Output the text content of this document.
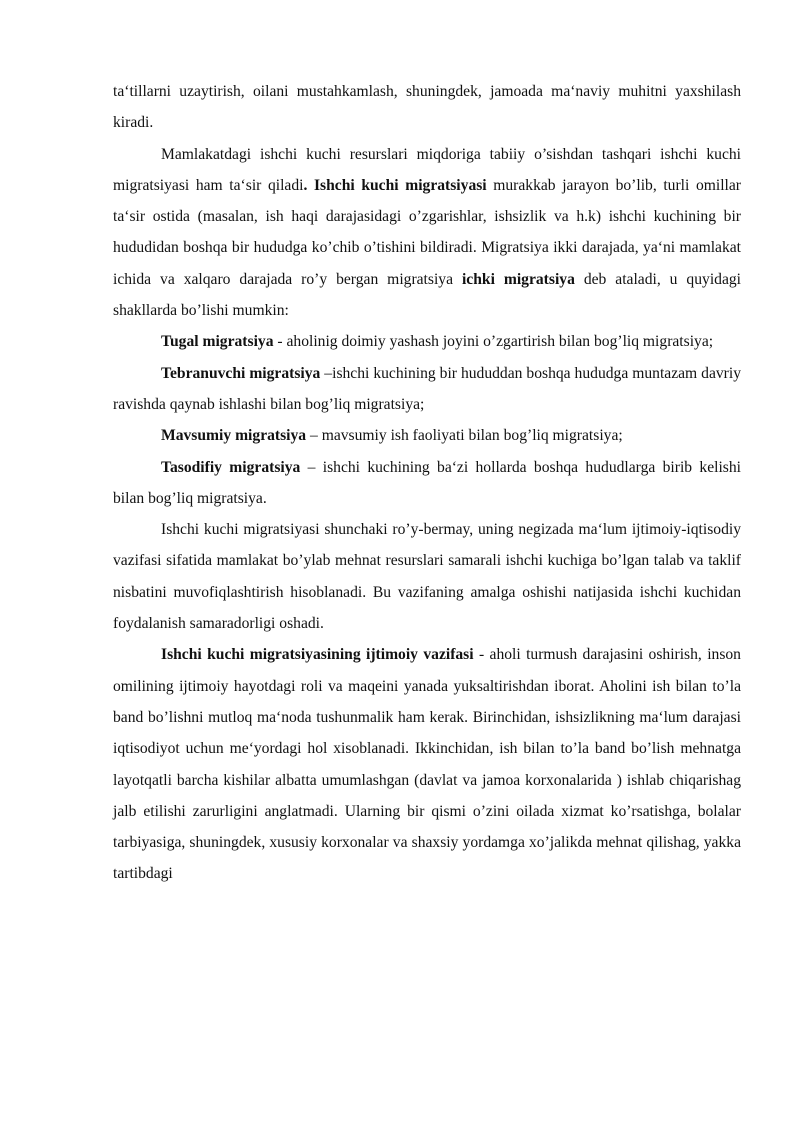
ta‘tillarni uzaytirish, oilani mustahkamlash, shuningdek, jamoada ma‘naviy muhitni yaxshilash kiradi.

Mamlakatdagi ishchi kuchi resurslari miqdoriga tabiiy o’sishdan tashqari ishchi kuchi migratsiyasi ham ta‘sir qiladi. Ishchi kuchi migratsiyasi murakkab jarayon bo’lib, turli omillar ta‘sir ostida (masalan, ish haqi darajasidagi o’zgarishlar, ishsizlik va h.k) ishchi kuchining bir hududidan boshqa bir hududga ko’chib o’tishini bildiradi. Migratsiya ikki darajada, ya‘ni mamlakat ichida va xalqaro darajada ro’y bergan migratsiya ichki migratsiya deb ataladi, u quyidagi shakllarda bo’lishi mumkin:

Tugal migratsiya - aholinig doimiy yashash joyini o’zgartirish bilan bog’liq migratsiya;

Tebranuvchi migratsiya –ishchi kuchining bir hududdan boshqa hududga muntazam davriy ravishda qaynab ishlashi bilan bog’liq migratsiya;

Mavsumiy migratsiya – mavsumiy ish faoliyati bilan bog’liq migratsiya;

Tasodifiy migratsiya – ishchi kuchining ba‘zi hollarda boshqa hududlarga birib kelishi bilan bog’liq migratsiya.

Ishchi kuchi migratsiyasi shunchaki ro’y-bermay, uning negizada ma‘lum ijtimoiy-iqtisodiy vazifasi sifatida mamlakat bo’ylab mehnat resurslari samarali ishchi kuchiga bo’lgan talab va taklif nisbatini muvofiqlashtirish hisoblanadi. Bu vazifaning amalga oshishi natijasida ishchi kuchidan foydalanish samaradorligi oshadi.

Ishchi kuchi migratsiyasining ijtimoiy vazifasi - aholi turmush darajasini oshirish, inson omilining ijtimoiy hayotdagi roli va maqeini yanada yuksaltirishdan iborat. Aholini ish bilan to’la band bo’lishni mutloq ma‘noda tushunmalik ham kerak. Birinchidan, ishsizlikning ma‘lum darajasi iqtisodiyot uchun me‘yordagi hol xisoblanadi. Ikkinchidan, ish bilan to’la band bo’lish mehnatga layotqatli barcha kishilar albatta umumlashgan (davlat va jamoa korxonalarida ) ishlab chiqarishag jalb etilishi zarurligini anglatmadi. Ularning bir qismi o’zini oilada xizmat ko’rsatishga, bolalar tarbiyasiga, shuningdek, xususiy korxonalar va shaxsiy yordamga xo’jalikda mehnat qilishag, yakka tartibdagi
